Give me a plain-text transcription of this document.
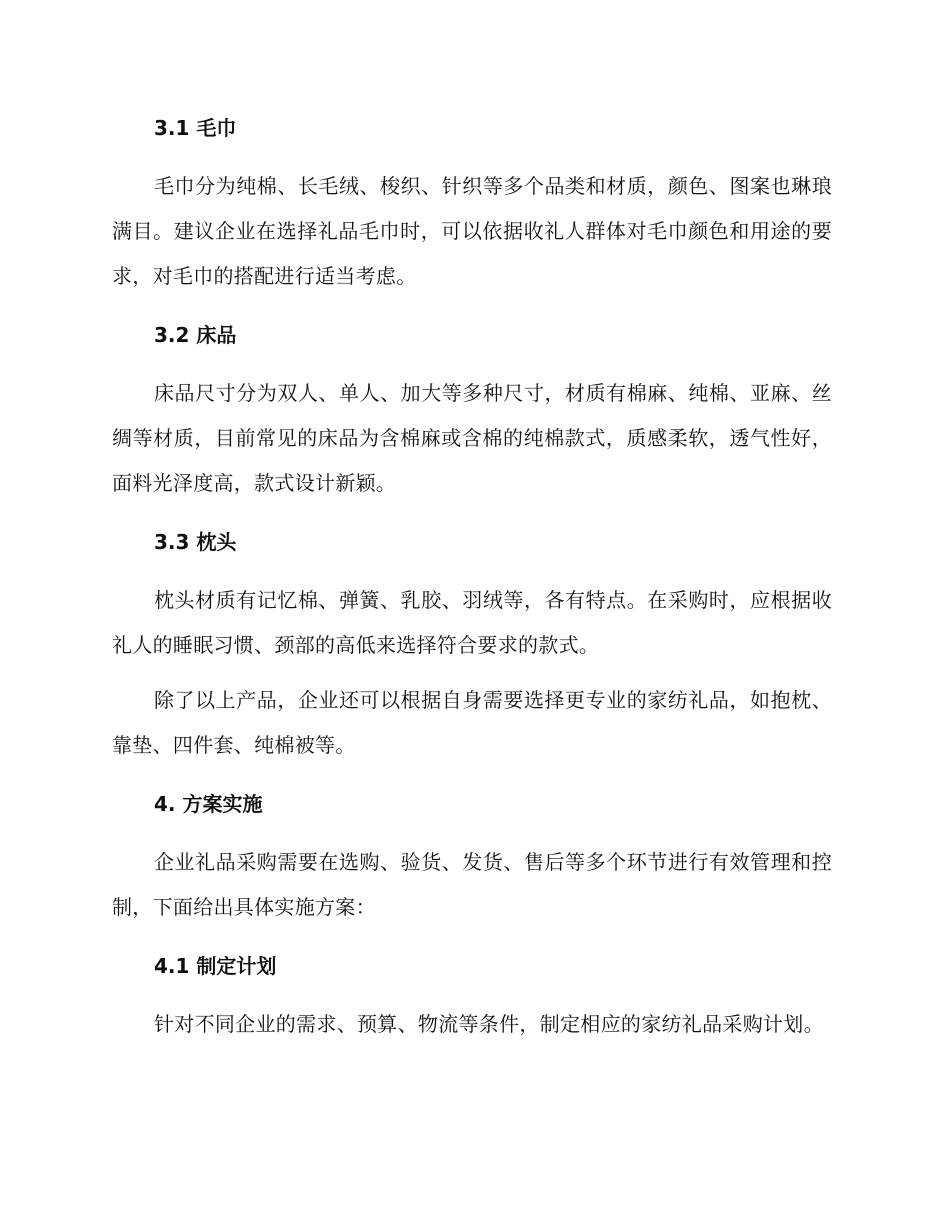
3.1 毛巾

毛巾分为纯棉、长毛绒、梭织、针织等多个品类和材质，颜色、图案也琳琅满目。建议企业在选择礼品毛巾时，可以依据收礼人群体对毛巾颜色和用途的要求，对毛巾的搭配进行适当考虑。

3.2 床品

床品尺寸分为双人、单人、加大等多种尺寸，材质有棉麻、纯棉、亚麻、丝绸等材质，目前常见的床品为含棉麻或含棉的纯棉款式，质感柔软，透气性好，面料光泽度高，款式设计新颖。

3.3 枕头

枕头材质有记忆棉、弹簧、乳胶、羽绒等，各有特点。在采购时，应根据收礼人的睡眠习惯、颈部的高低来选择符合要求的款式。

除了以上产品，企业还可以根据自身需要选择更专业的家纺礼品，如抱枕、靠垫、四件套、纯棉被等。

4. 方案实施

企业礼品采购需要在选购、验货、发货、售后等多个环节进行有效管理和控制，下面给出具体实施方案：

4.1 制定计划

针对不同企业的需求、预算、物流等条件，制定相应的家纺礼品采购计划。
